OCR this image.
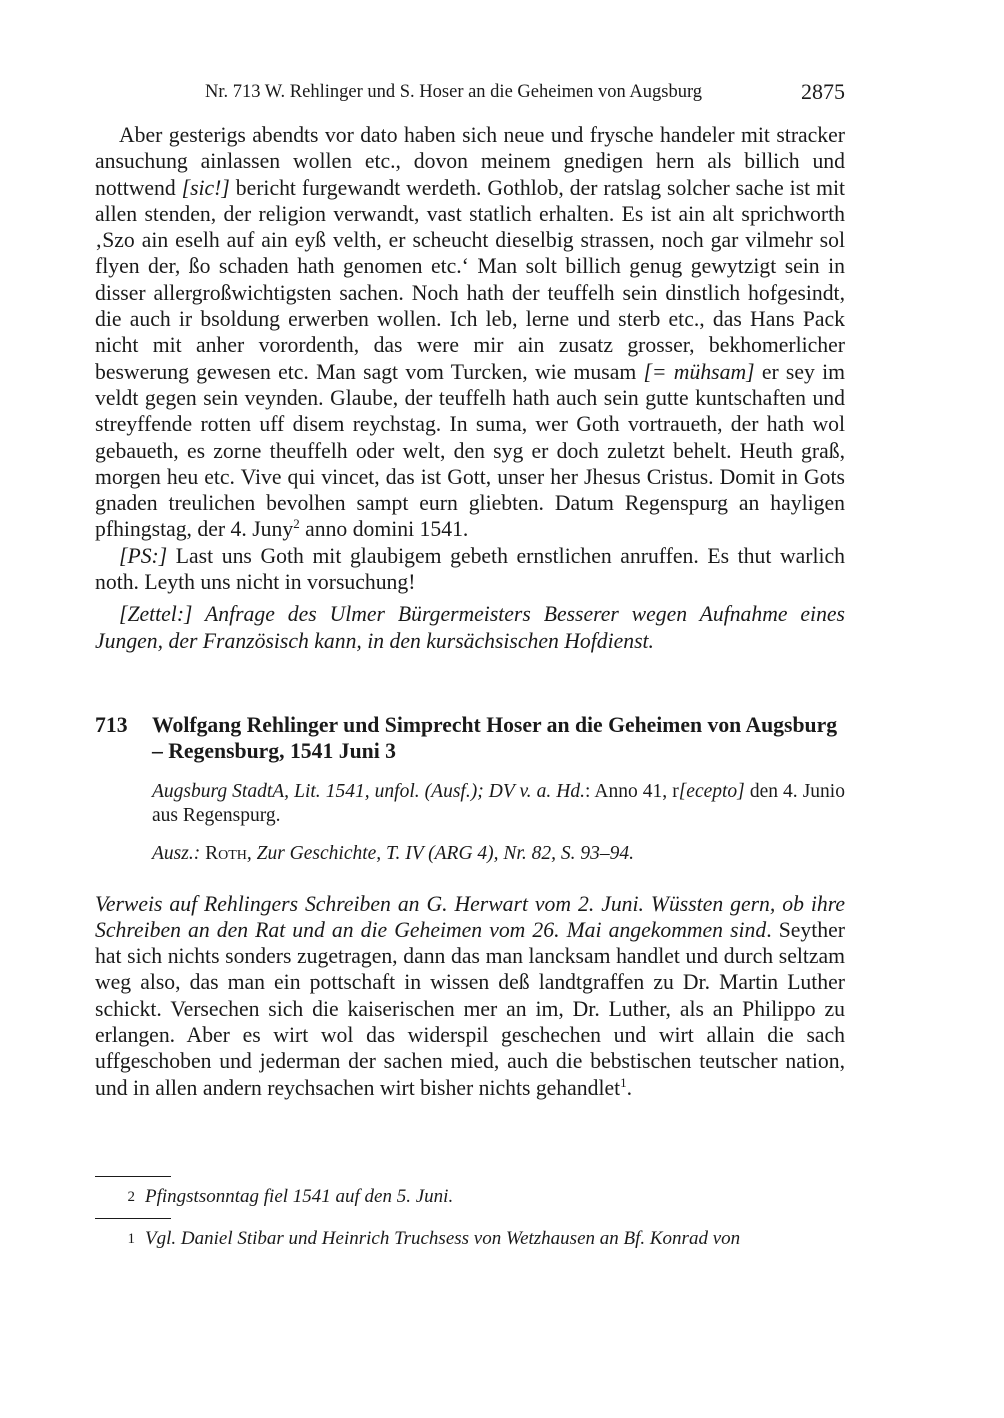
Nr. 713 W. Rehlinger und S. Hoser an die Geheimen von Augsburg	2875

Aber gesterigs abendts vor dato haben sich neue und frysche handeler mit stracker ansuchung ainlassen wollen etc., dovon meinem gnedigen hern als billich und nottwend [sic!] bericht furgewandt werdeth. Gothlob, der ratslag solcher sache ist mit allen stenden, der religion verwandt, vast statlich erhalten. Es ist ain alt sprichworth ‚Szo ain eselh auf ain eyß velth, er scheucht dieselbig strassen, noch gar vilmehr sol flyen der, ßo schaden hath genomen etc.‘ Man solt billich genug gewytzigt sein in disser allergroßwichtigsten sachen. Noch hath der teuffelh sein dinstlich hofgesindt, die auch ir bsoldung erwerben wollen. Ich leb, lerne und sterb etc., das Hans Pack nicht mit anher vorordenth, das were mir ain zusatz grosser, bekhomerlicher beswerung gewesen etc. Man sagt vom Turcken, wie musam [= mühsam] er sey im veldt gegen sein veynden. Glaube, der teuffelh hath auch sein gutte kuntschaften und streyffende rotten uff disem reychstag. In suma, wer Goth vortraueth, der hath wol gebaueth, es zorne theuffelh oder welt, den syg er doch zuletzt behelt. Heuth graß, morgen heu etc. Vive qui vincet, das ist Gott, unser her Jhesus Cristus. Domit in Gots gnaden treulichen bevolhen sampt eurn gliebten. Datum Regenspurg an hayligen pfhingstag, der 4. Juny$^2$ anno domini 1541.

[PS:] Last uns Goth mit glaubigem gebeth ernstlichen anruffen. Es thut warlich noth. Leyth uns nicht in vorsuchung!

[Zettel:] Anfrage des Ulmer Bürgermeisters Besserer wegen Aufnahme eines Jungen, der Französisch kann, in den kursächsischen Hofdienst.

713	Wolfgang Rehlinger und Simprecht Hoser an die Geheimen von Augsburg – Regensburg, 1541 Juni 3

Augsburg StadtA, Lit. 1541, unfol. (Ausf.); DV v. a. Hd.: Anno 41, r[ecepto] den 4. Junio aus Regenspurg.

Ausz.: Roth, Zur Geschichte, T. IV (ARG 4), Nr. 82, S. 93–94.

Verweis auf Rehlingers Schreiben an G. Herwart vom 2. Juni. Wüssten gern, ob ihre Schreiben an den Rat und an die Geheimen vom 26. Mai angekommen sind. Seyther hat sich nichts sonders zugetragen, dann das man lancksam handlet und durch seltzam weg also, das man ein pottschaft in wissen deß landtgraffen zu Dr. Martin Luther schickt. Versechen sich die kaiserischen mer an im, Dr. Luther, als an Philippo zu erlangen. Aber es wirt wol das widerspil geschechen und wirt allain die sach uffgeschoben und jederman der sachen mied, auch die bebstischen teutscher nation, und in allen andern reychsachen wirt bisher nichts gehandlet$^1$.

2 Pfingstsonntag fiel 1541 auf den 5. Juni.
1 Vgl. Daniel Stibar und Heinrich Truchsess von Wetzhausen an Bf. Konrad von
